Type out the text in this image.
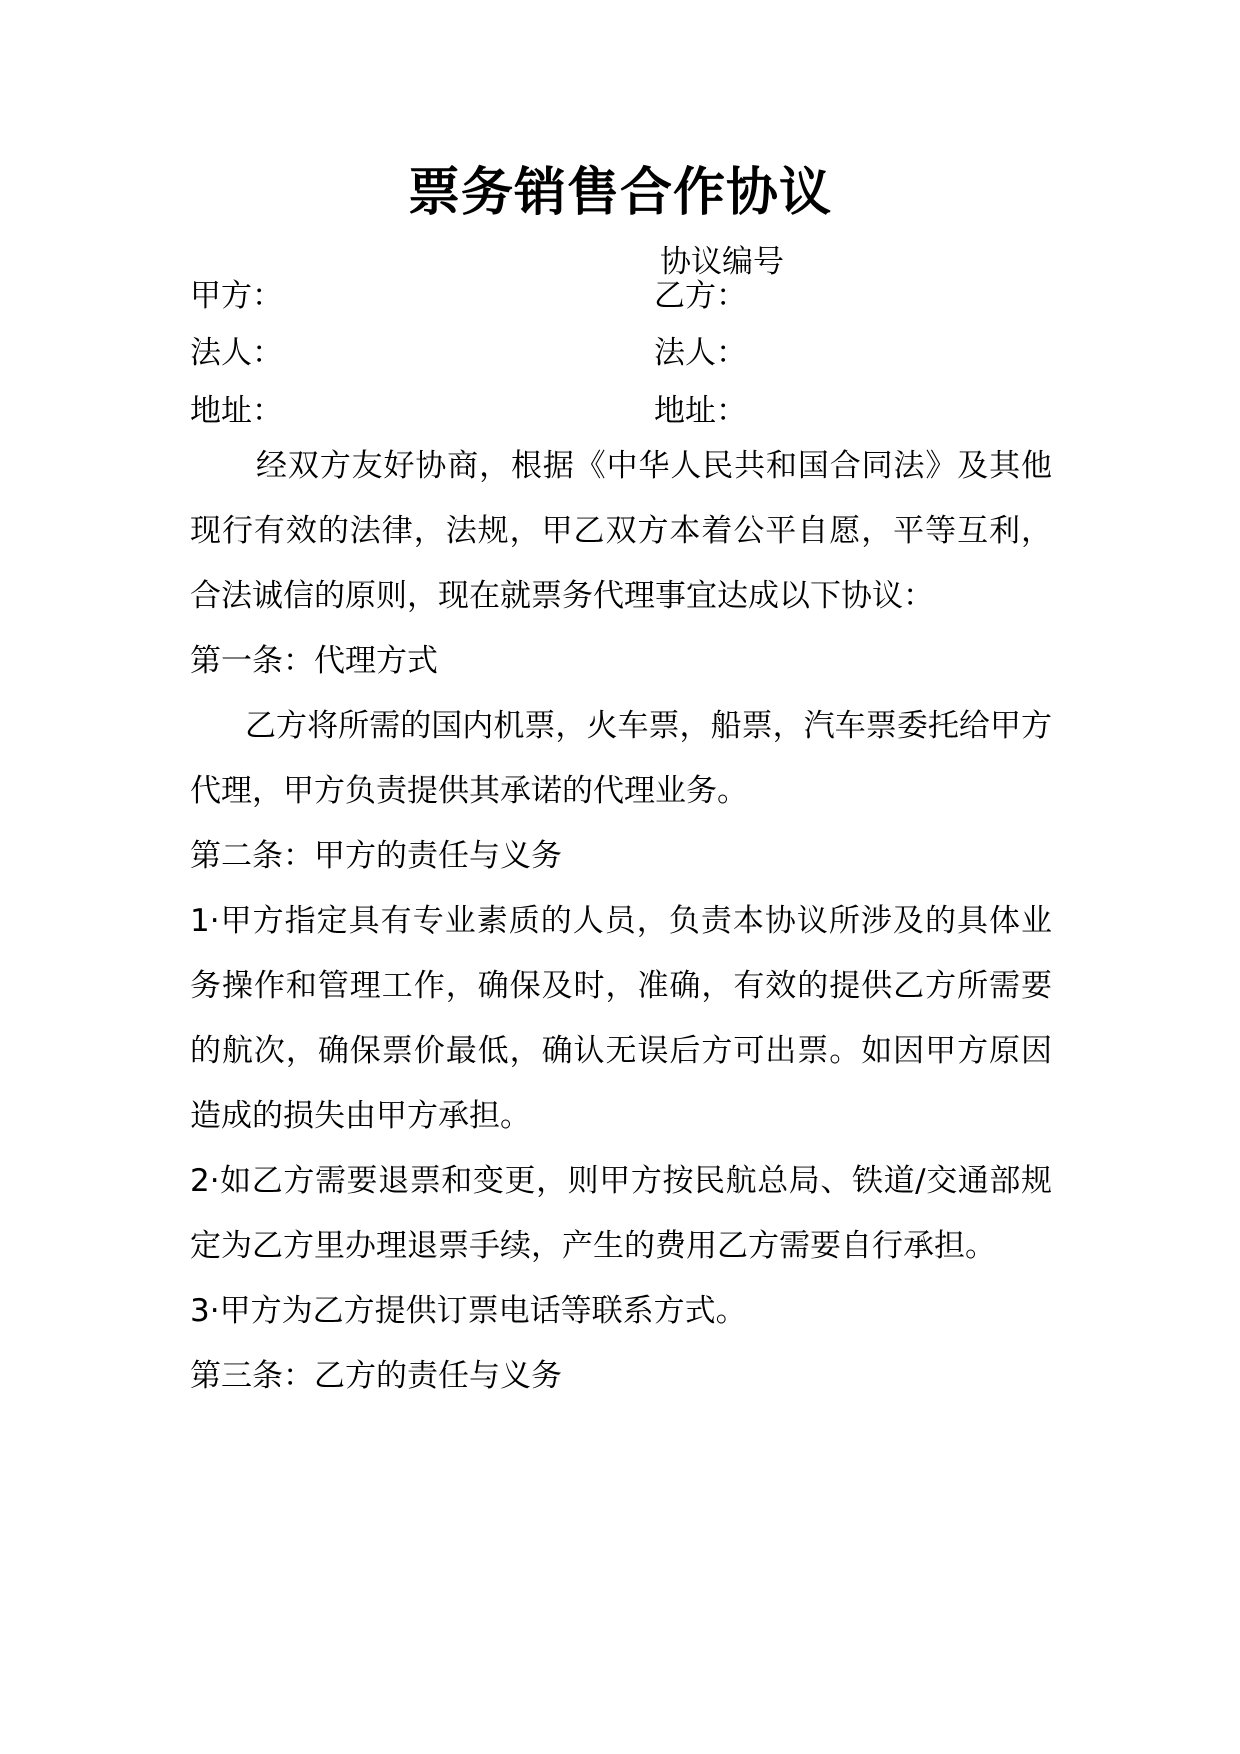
票务销售合作协议
协议编号
甲方：	乙方：
法人：	法人：
地址：	地址：

经双方友好协商，根据《中华人民共和国合同法》及其他现行有效的法律，法规，甲乙双方本着公平自愿，平等互利，合法诚信的原则，现在就票务代理事宜达成以下协议：

第一条：代理方式

乙方将所需的国内机票，火车票，船票，汽车票委托给甲方代理，甲方负责提供其承诺的代理业务。

第二条：甲方的责任与义务

1·甲方指定具有专业素质的人员，负责本协议所涉及的具体业务操作和管理工作，确保及时，准确，有效的提供乙方所需要的航次，确保票价最低，确认无误后方可出票。如因甲方原因造成的损失由甲方承担。

2·如乙方需要退票和变更，则甲方按民航总局、铁道/交通部规定为乙方里办理退票手续，产生的费用乙方需要自行承担。

3·甲方为乙方提供订票电话等联系方式。

第三条：乙方的责任与义务
